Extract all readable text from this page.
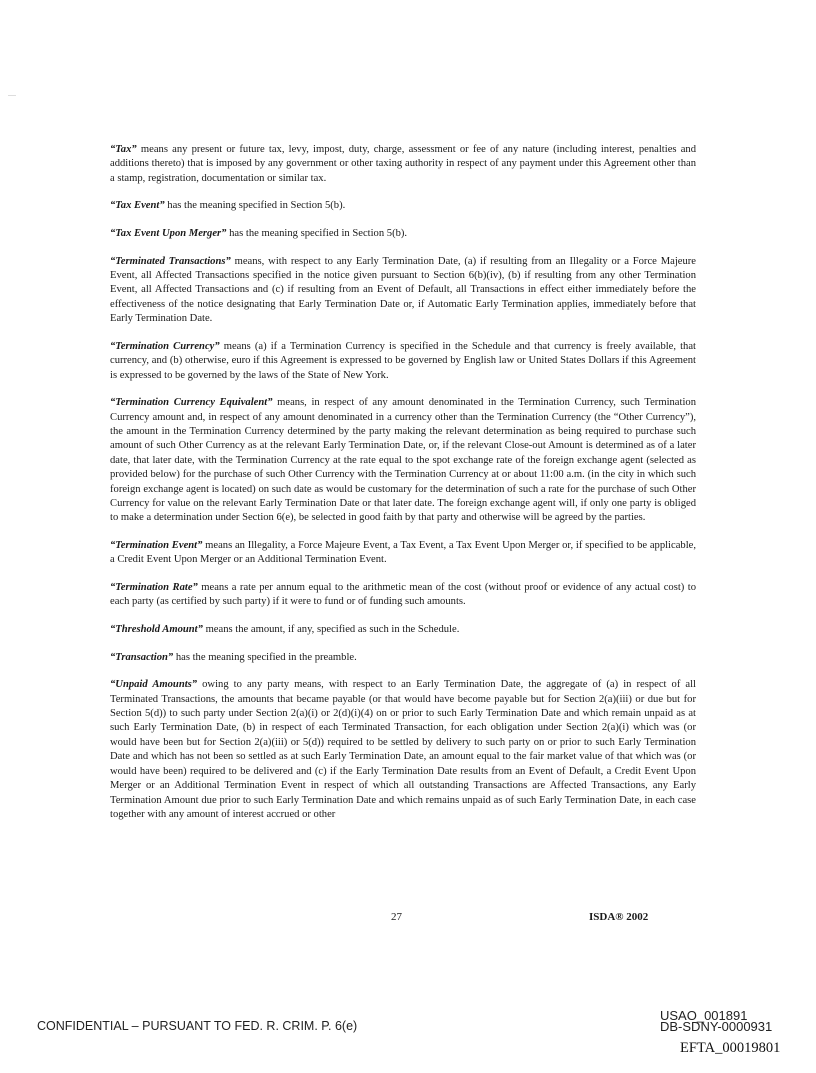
“Tax” means any present or future tax, levy, impost, duty, charge, assessment or fee of any nature (including interest, penalties and additions thereto) that is imposed by any government or other taxing authority in respect of any payment under this Agreement other than a stamp, registration, documentation or similar tax.

“Tax Event” has the meaning specified in Section 5(b).

“Tax Event Upon Merger” has the meaning specified in Section 5(b).

“Terminated Transactions” means, with respect to any Early Termination Date, (a) if resulting from an Illegality or a Force Majeure Event, all Affected Transactions specified in the notice given pursuant to Section 6(b)(iv), (b) if resulting from any other Termination Event, all Affected Transactions and (c) if resulting from an Event of Default, all Transactions in effect either immediately before the effectiveness of the notice designating that Early Termination Date or, if Automatic Early Termination applies, immediately before that Early Termination Date.

“Termination Currency” means (a) if a Termination Currency is specified in the Schedule and that currency is freely available, that currency, and (b) otherwise, euro if this Agreement is expressed to be governed by English law or United States Dollars if this Agreement is expressed to be governed by the laws of the State of New York.

“Termination Currency Equivalent” means, in respect of any amount denominated in the Termination Currency, such Termination Currency amount and, in respect of any amount denominated in a currency other than the Termination Currency (the “Other Currency”), the amount in the Termination Currency determined by the party making the relevant determination as being required to purchase such amount of such Other Currency as at the relevant Early Termination Date, or, if the relevant Close-out Amount is determined as of a later date, that later date, with the Termination Currency at the rate equal to the spot exchange rate of the foreign exchange agent (selected as provided below) for the purchase of such Other Currency with the Termination Currency at or about 11:00 a.m. (in the city in which such foreign exchange agent is located) on such date as would be customary for the determination of such a rate for the purchase of such Other Currency for value on the relevant Early Termination Date or that later date. The foreign exchange agent will, if only one party is obliged to make a determination under Section 6(e), be selected in good faith by that party and otherwise will be agreed by the parties.

“Termination Event” means an Illegality, a Force Majeure Event, a Tax Event, a Tax Event Upon Merger or, if specified to be applicable, a Credit Event Upon Merger or an Additional Termination Event.

“Termination Rate” means a rate per annum equal to the arithmetic mean of the cost (without proof or evidence of any actual cost) to each party (as certified by such party) if it were to fund or of funding such amounts.

“Threshold Amount” means the amount, if any, specified as such in the Schedule.

“Transaction” has the meaning specified in the preamble.

“Unpaid Amounts” owing to any party means, with respect to an Early Termination Date, the aggregate of (a) in respect of all Terminated Transactions, the amounts that became payable (or that would have become payable but for Section 2(a)(iii) or due but for Section 5(d)) to such party under Section 2(a)(i) or 2(d)(i)(4) on or prior to such Early Termination Date and which remain unpaid as at such Early Termination Date, (b) in respect of each Terminated Transaction, for each obligation under Section 2(a)(i) which was (or would have been but for Section 2(a)(iii) or 5(d)) required to be settled by delivery to such party on or prior to such Early Termination Date and which has not been so settled as at such Early Termination Date, an amount equal to the fair market value of that which was (or would have been) required to be delivered and (c) if the Early Termination Date results from an Event of Default, a Credit Event Upon Merger or an Additional Termination Event in respect of which all outstanding Transactions are Affected Transactions, any Early Termination Amount due prior to such Early Termination Date and which remains unpaid as of such Early Termination Date, in each case together with any amount of interest accrued or other

27	ISDA® 2002
CONFIDENTIAL – PURSUANT TO FED. R. CRIM. P. 6(e)
USAO_001891
DB-SDNY-0000931
EFTA_00019801
